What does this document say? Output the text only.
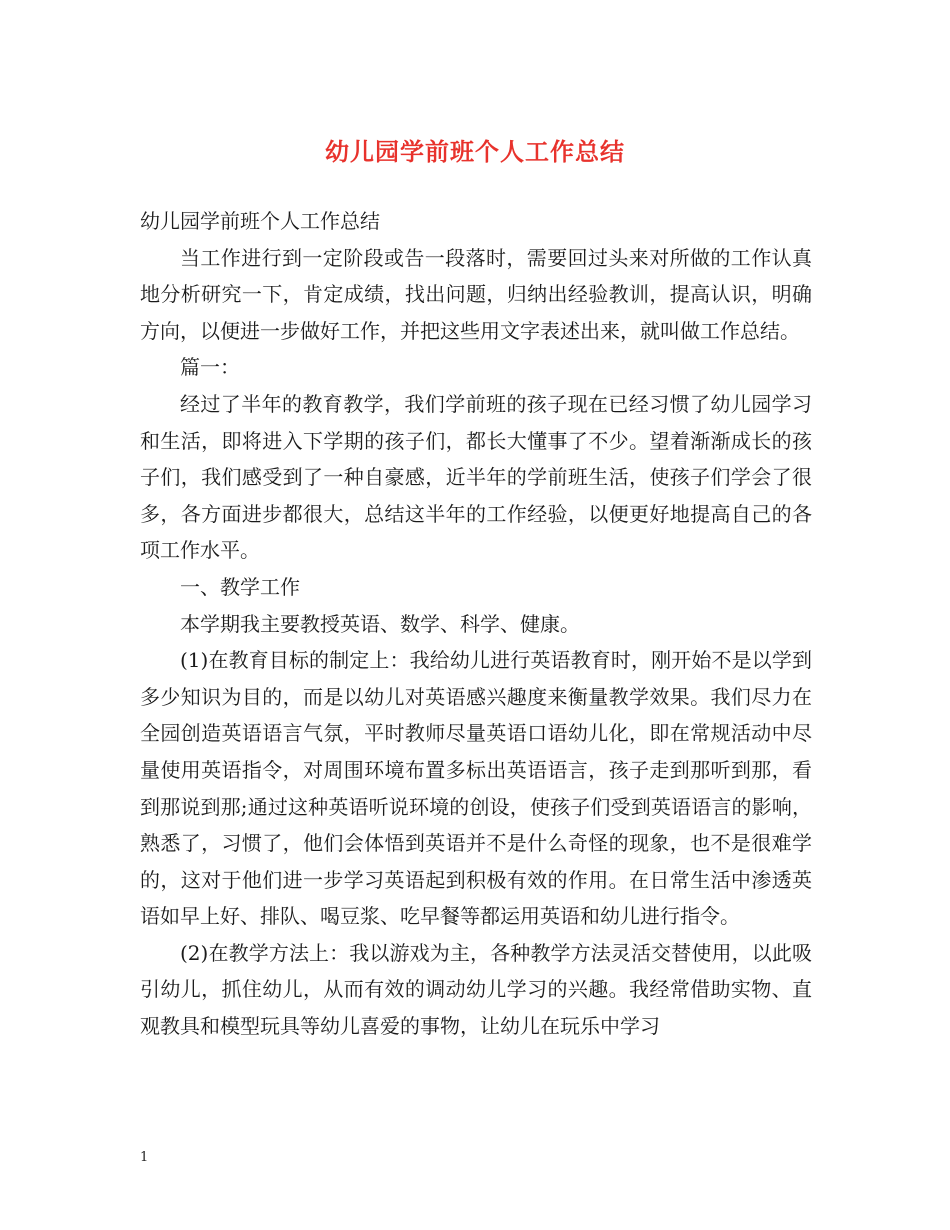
幼儿园学前班个人工作总结

幼儿园学前班个人工作总结

当工作进行到一定阶段或告一段落时，需要回过头来对所做的工作认真地分析研究一下，肯定成绩，找出问题，归纳出经验教训，提高认识，明确方向，以便进一步做好工作，并把这些用文字表述出来，就叫做工作总结。

篇一：

经过了半年的教育教学，我们学前班的孩子现在已经习惯了幼儿园学习和生活，即将进入下学期的孩子们，都长大懂事了不少。望着渐渐成长的孩子们，我们感受到了一种自豪感，近半年的学前班生活，使孩子们学会了很多，各方面进步都很大，总结这半年的工作经验，以便更好地提高自己的各项工作水平。

一、教学工作

本学期我主要教授英语、数学、科学、健康。

(1)在教育目标的制定上：我给幼儿进行英语教育时，刚开始不是以学到多少知识为目的，而是以幼儿对英语感兴趣度来衡量教学效果。我们尽力在全园创造英语语言气氛，平时教师尽量英语口语幼儿化，即在常规活动中尽量使用英语指令，对周围环境布置多标出英语语言，孩子走到那听到那，看到那说到那;通过这种英语听说环境的创设，使孩子们受到英语语言的影响，熟悉了，习惯了，他们会体悟到英语并不是什么奇怪的现象，也不是很难学的，这对于他们进一步学习英语起到积极有效的作用。在日常生活中渗透英语如早上好、排队、喝豆浆、吃早餐等都运用英语和幼儿进行指令。

(2)在教学方法上：我以游戏为主，各种教学方法灵活交替使用，以此吸引幼儿，抓住幼儿，从而有效的调动幼儿学习的兴趣。我经常借助实物、直观教具和模型玩具等幼儿喜爱的事物，让幼儿在玩乐中学习

1
